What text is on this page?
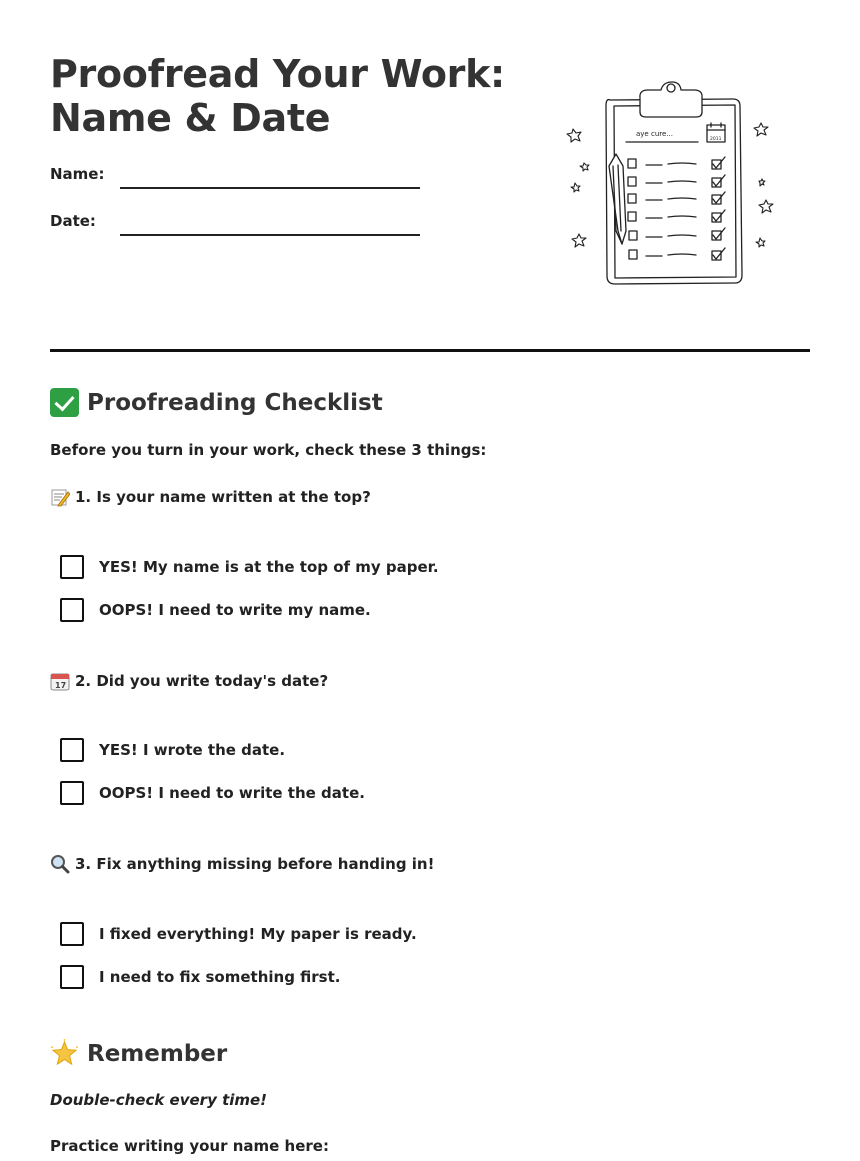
Proofread Your Work:
Name & Date
Name:
Date:
aye cure...
2011
Proofreading Checklist
Before you turn in your work, check these 3 things:
1. Is your name written at the top?
YES! My name is at the top of my paper.
OOPS! I need to write my name.
17 2. Did you write today's date?
YES! I wrote the date.
OOPS! I need to write the date.
3. Fix anything missing before handing in!
I fixed everything! My paper is ready.
I need to fix something first.
Remember
Double-check every time!
Practice writing your name here:
